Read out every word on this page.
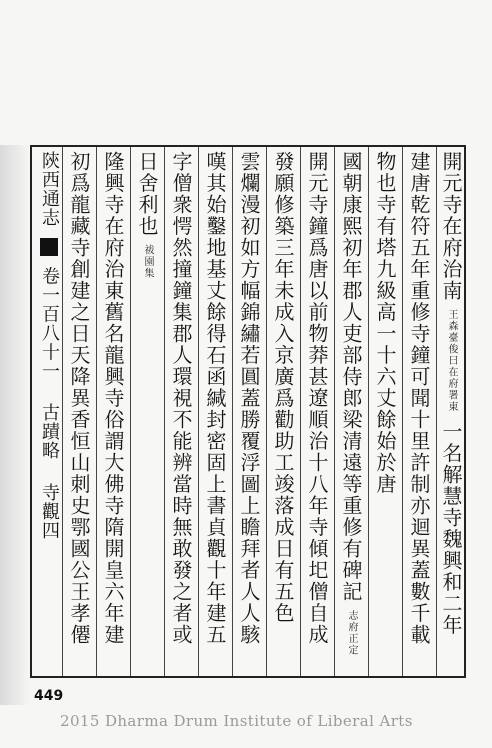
陝西通志  卷一百八十一 古蹟略 寺觀四 初爲龍藏寺創建之日天降異香恒山刺史鄂國公王孝僊 隆興寺在府治東舊名龍興寺俗謂大佛寺隋開皇六年建 日舍利也 祓園集 字僧衆愕然撞鐘集郡人環視不能辨當時無敢發之者或 嘆其始鑿地基丈餘得石函緘封密固上書貞觀十年建五 雲爛漫初如方幅錦繡若圓蓋勝覆浮圖上瞻拜者人人駭 發願修築三年未成入京廣爲勸助工竣落成日有五色 開元寺鐘爲唐以前物莽甚遼順治十八年寺傾圯僧自成 國朝康熙初年郡人吏部侍郎梁清遠等重修有碑記 志府正定
物也寺有塔九級高一十六丈餘始於唐 建唐乾符五年重修寺鐘可聞十里許制亦迴異蓋數千載 開元寺在府治南 王森臺俊曰在府署東 一名解慧寺魏興和二年
449
2015 Dharma Drum Institute of Liberal Arts
